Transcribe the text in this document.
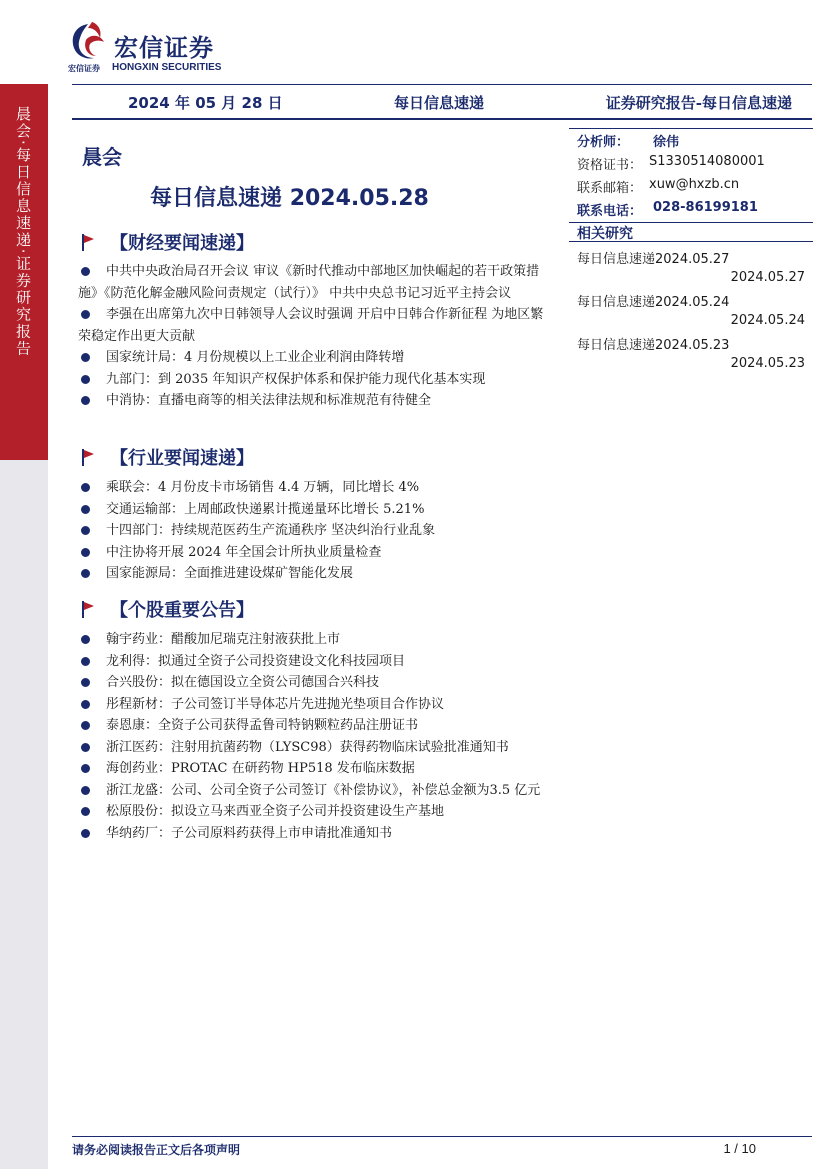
宏信证券
宏信证券 HONGXIN SECURITIES
2024 年 05 月 28 日	每日信息速递	证券研究报告-每日信息速递
晨会·每日信息速递·证券研究报告	晨会
每日信息速递 2024.05.28
【财经要闻速递】
中共中央政治局召开会议 审议《新时代推动中部地区加快崛起的若干政策措施》《防范化解金融风险问责规定（试行）》 中共中央总书记习近平主持会议
李强在出席第九次中日韩领导人会议时强调 开启中日韩合作新征程 为地区繁荣稳定作出更大贡献
国家统计局：4 月份规模以上工业企业利润由降转增
九部门：到 2035 年知识产权保护体系和保护能力现代化基本实现
中消协：直播电商等的相关法律法规和标准规范有待健全
【行业要闻速递】
乘联会：4 月份皮卡市场销售 4.4 万辆，同比增长 4%
交通运输部：上周邮政快递累计揽递量环比增长 5.21%
十四部门：持续规范医药生产流通秩序 坚决纠治行业乱象
中注协将开展 2024 年全国会计所执业质量检查
国家能源局：全面推进建设煤矿智能化发展
【个股重要公告】
翰宇药业：醋酸加尼瑞克注射液获批上市
龙利得：拟通过全资子公司投资建设文化科技园项目
合兴股份：拟在德国设立全资公司德国合兴科技
彤程新材：子公司签订半导体芯片先进抛光垫项目合作协议
泰恩康：全资子公司获得孟鲁司特钠颗粒药品注册证书
浙江医药：注射用抗菌药物（LYSC98）获得药物临床试验批准通知书
海创药业：PROTAC 在研药物 HP518 发布临床数据
浙江龙盛：公司、公司全资子公司签订《补偿协议》，补偿总金额为3.5 亿元
松原股份：拟设立马来西亚全资子公司并投资建设生产基地
华纳药厂：子公司原料药获得上市申请批准通知书
分析师： 徐伟
资格证书： S1330514080001
联系邮箱： xuw@hxzb.cn
联系电话： 028-86199181
相关研究
每日信息速递2024.05.27
2024.05.27
每日信息速递2024.05.24
2024.05.24
每日信息速递2024.05.23
2024.05.23
请务必阅读报告正文后各项声明	1 / 10
